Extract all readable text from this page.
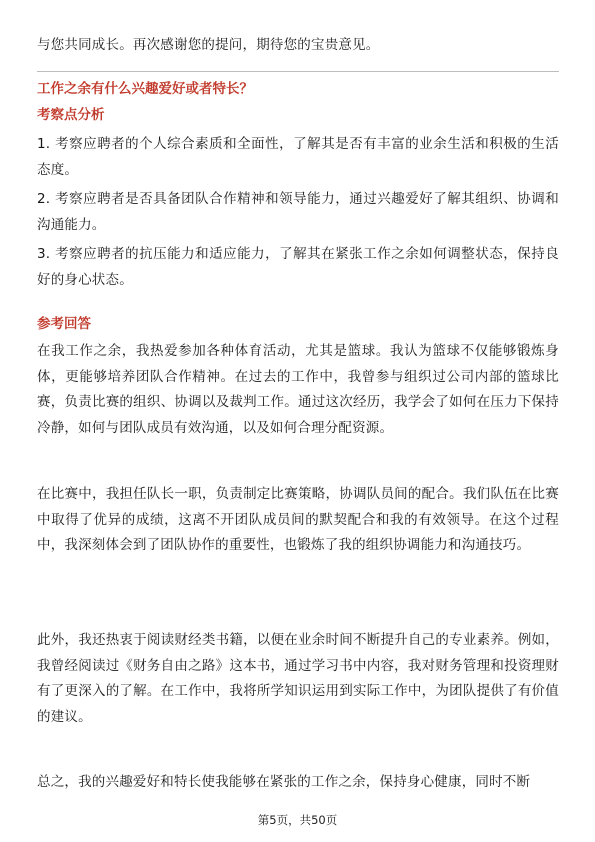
与您共同成长。再次感谢您的提问，期待您的宝贵意见。

工作之余有什么兴趣爱好或者特长？

考察点分析

1. 考察应聘者的个人综合素质和全面性，了解其是否有丰富的业余生活和积极的生活态度。

2. 考察应聘者是否具备团队合作精神和领导能力，通过兴趣爱好了解其组织、协调和沟通能力。

3. 考察应聘者的抗压能力和适应能力，了解其在紧张工作之余如何调整状态，保持良好的身心状态。

参考回答

在我工作之余，我热爱参加各种体育活动，尤其是篮球。我认为篮球不仅能够锻炼身体，更能够培养团队合作精神。在过去的工作中，我曾参与组织过公司内部的篮球比赛，负责比赛的组织、协调以及裁判工作。通过这次经历，我学会了如何在压力下保持冷静，如何与团队成员有效沟通，以及如何合理分配资源。

在比赛中，我担任队长一职，负责制定比赛策略，协调队员间的配合。我们队伍在比赛中取得了优异的成绩，这离不开团队成员间的默契配合和我的有效领导。在这个过程中，我深刻体会到了团队协作的重要性，也锻炼了我的组织协调能力和沟通技巧。

此外，我还热衷于阅读财经类书籍，以便在业余时间不断提升自己的专业素养。例如，我曾经阅读过《财务自由之路》这本书，通过学习书中内容，我对财务管理和投资理财有了更深入的了解。在工作中，我将所学知识运用到实际工作中，为团队提供了有价值的建议。

总之，我的兴趣爱好和特长使我能够在紧张的工作之余，保持身心健康，同时不断

第5页，共50页
